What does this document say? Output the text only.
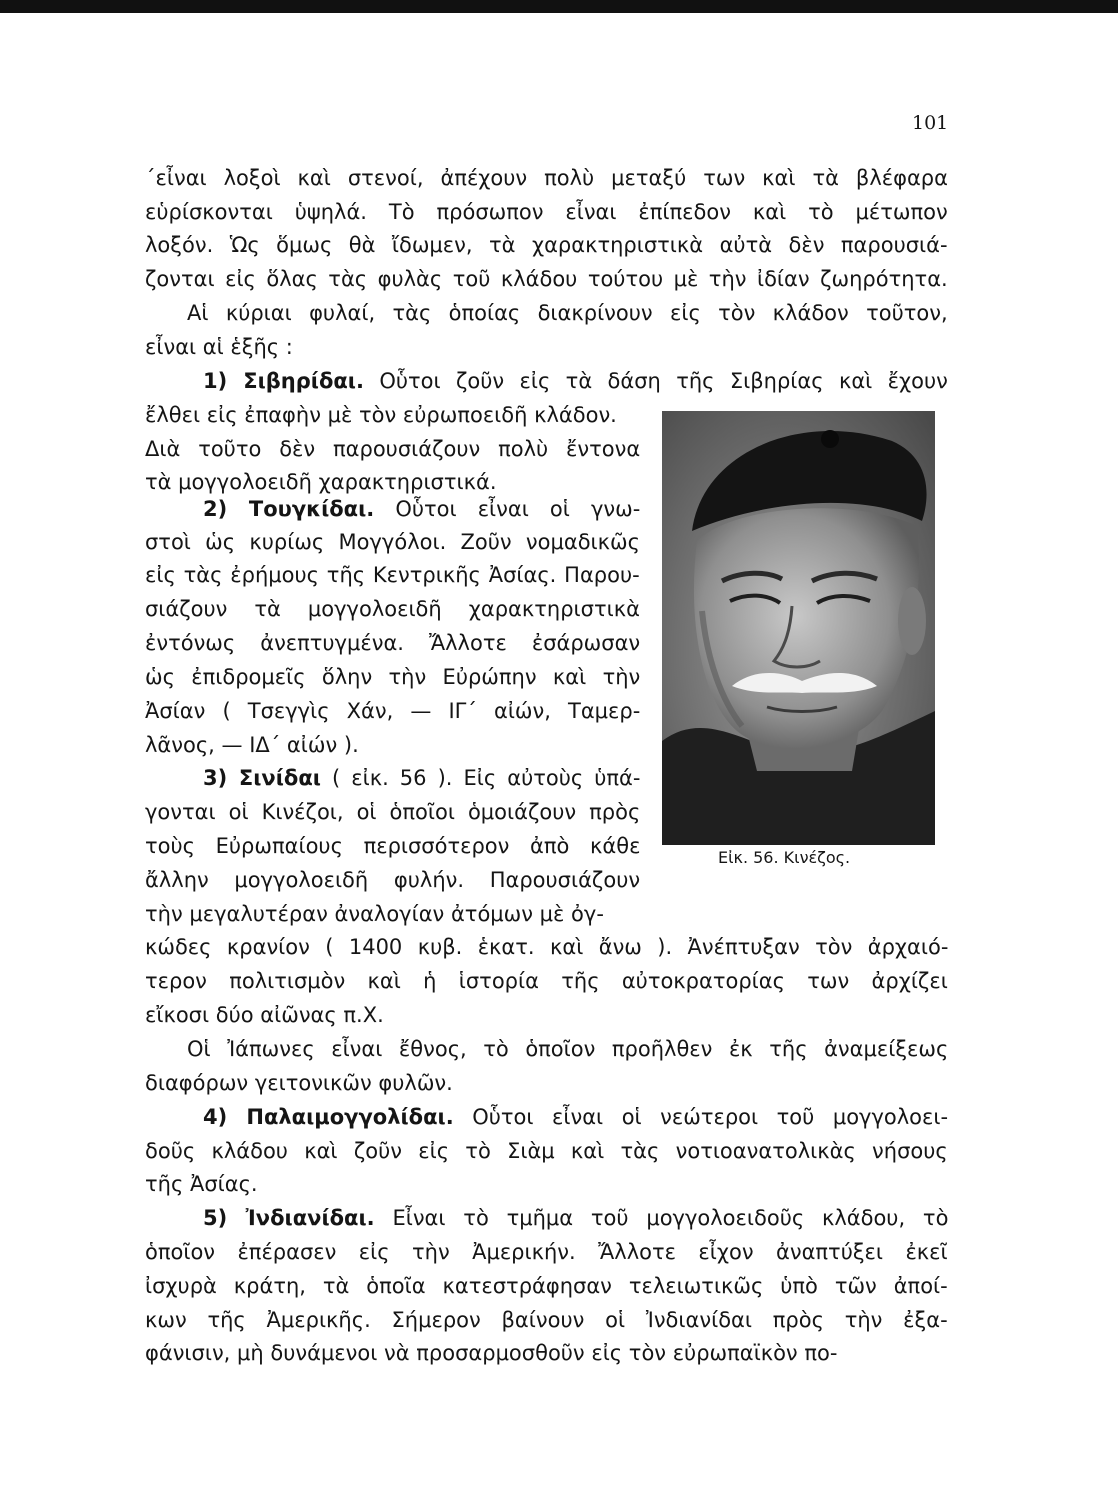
101
΄εἶναι λοξοὶ καὶ στενοί, ἀπέχουν πολὺ μεταξύ των καὶ τὰ βλέφαρα
εὑρίσκονται ὑψηλά. Τὸ πρόσωπον εἶναι ἐπίπεδον καὶ τὸ μέτωπον
λοξόν. Ὡς ὅμως θὰ ἴδωμεν, τὰ χαρακτηριστικὰ αὐτὰ δὲν παρουσιά-
ζονται εἰς ὅλας τὰς φυλὰς τοῦ κλάδου τούτου μὲ τὴν ἰδίαν ζωηρότητα.
Αἱ κύριαι φυλαί, τὰς ὁποίας διακρίνουν εἰς τὸν κλάδον τοῦτον,
εἶναι αἱ ἑξῆς :
1) Σιβηρίδαι. Οὗτοι ζοῦν εἰς τὰ δάση τῆς Σιβηρίας καὶ ἔχουν
ἔλθει εἰς ἐπαφὴν μὲ τὸν εὐρωποειδῆ κλάδον.
Διὰ τοῦτο δὲν παρουσιάζουν πολὺ ἔντονα
τὰ μογγολοειδῆ χαρακτηριστικά.
2) Τουγκίδαι. Οὗτοι εἶναι οἱ γνω-
στοὶ ὡς κυρίως Μογγόλοι. Ζοῦν νομαδικῶς
εἰς τὰς ἐρήμους τῆς Κεντρικῆς Ἀσίας. Παρου-
σιάζουν τὰ μογγολοειδῆ χαρακτηριστικὰ
ἐντόνως ἀνεπτυγμένα. Ἄλλοτε ἐσάρωσαν
ὡς ἐπιδρομεῖς ὅλην τὴν Εὐρώπην καὶ τὴν
Ἀσίαν ( Τσεγγὶς Χάν, — ΙΓ΄ αἰών, Ταμερ-
λᾶνος, — ΙΔ΄ αἰών ).
3) Σινίδαι ( εἰκ. 56 ). Εἰς αὐτοὺς ὑπά-
γονται οἱ Κινέζοι, οἱ ὁποῖοι ὁμοιάζουν πρὸς
τοὺς Εὐρωπαίους περισσότερον ἀπὸ κάθε
ἄλλην μογγολοειδῆ φυλήν. Παρουσιάζουν
τὴν μεγαλυτέραν ἀναλογίαν ἀτόμων μὲ ὀγ-
κώδες κρανίον ( 1400 κυβ. ἑκατ. καὶ ἄνω ). Ἀνέπτυξαν τὸν ἀρχαιό-
τερον πολιτισμὸν καὶ ἡ ἱστορία τῆς αὐτοκρατορίας των ἀρχίζει
εἴκοσι δύο αἰῶνας π.Χ.
Οἱ Ἰάπωνες εἶναι ἔθνος, τὸ ὁποῖον προῆλθεν ἐκ τῆς ἀναμείξεως
διαφόρων γειτονικῶν φυλῶν.
4) Παλαιμογγολίδαι. Οὗτοι εἶναι οἱ νεώτεροι τοῦ μογγολοει-
δοῦς κλάδου καὶ ζοῦν εἰς τὸ Σιὰμ καὶ τὰς νοτιοανατολικὰς νήσους
τῆς Ἀσίας.
5) Ἰνδιανίδαι. Εἶναι τὸ τμῆμα τοῦ μογγολοειδοῦς κλάδου, τὸ
ὁποῖον ἐπέρασεν εἰς τὴν Ἀμερικήν. Ἄλλοτε εἶχον ἀναπτύξει ἐκεῖ
ἰσχυρὰ κράτη, τὰ ὁποῖα κατεστράφησαν τελειωτικῶς ὑπὸ τῶν ἀποί-
κων τῆς Ἀμερικῆς. Σήμερον βαίνουν οἱ Ἰνδιανίδαι πρὸς τὴν ἐξα-
φάνισιν, μὴ δυνάμενοι νὰ προσαρμοσθοῦν εἰς τὸν εὐρωπαϊκὸν πο-
Εἰκ. 56. Κινέζος.
